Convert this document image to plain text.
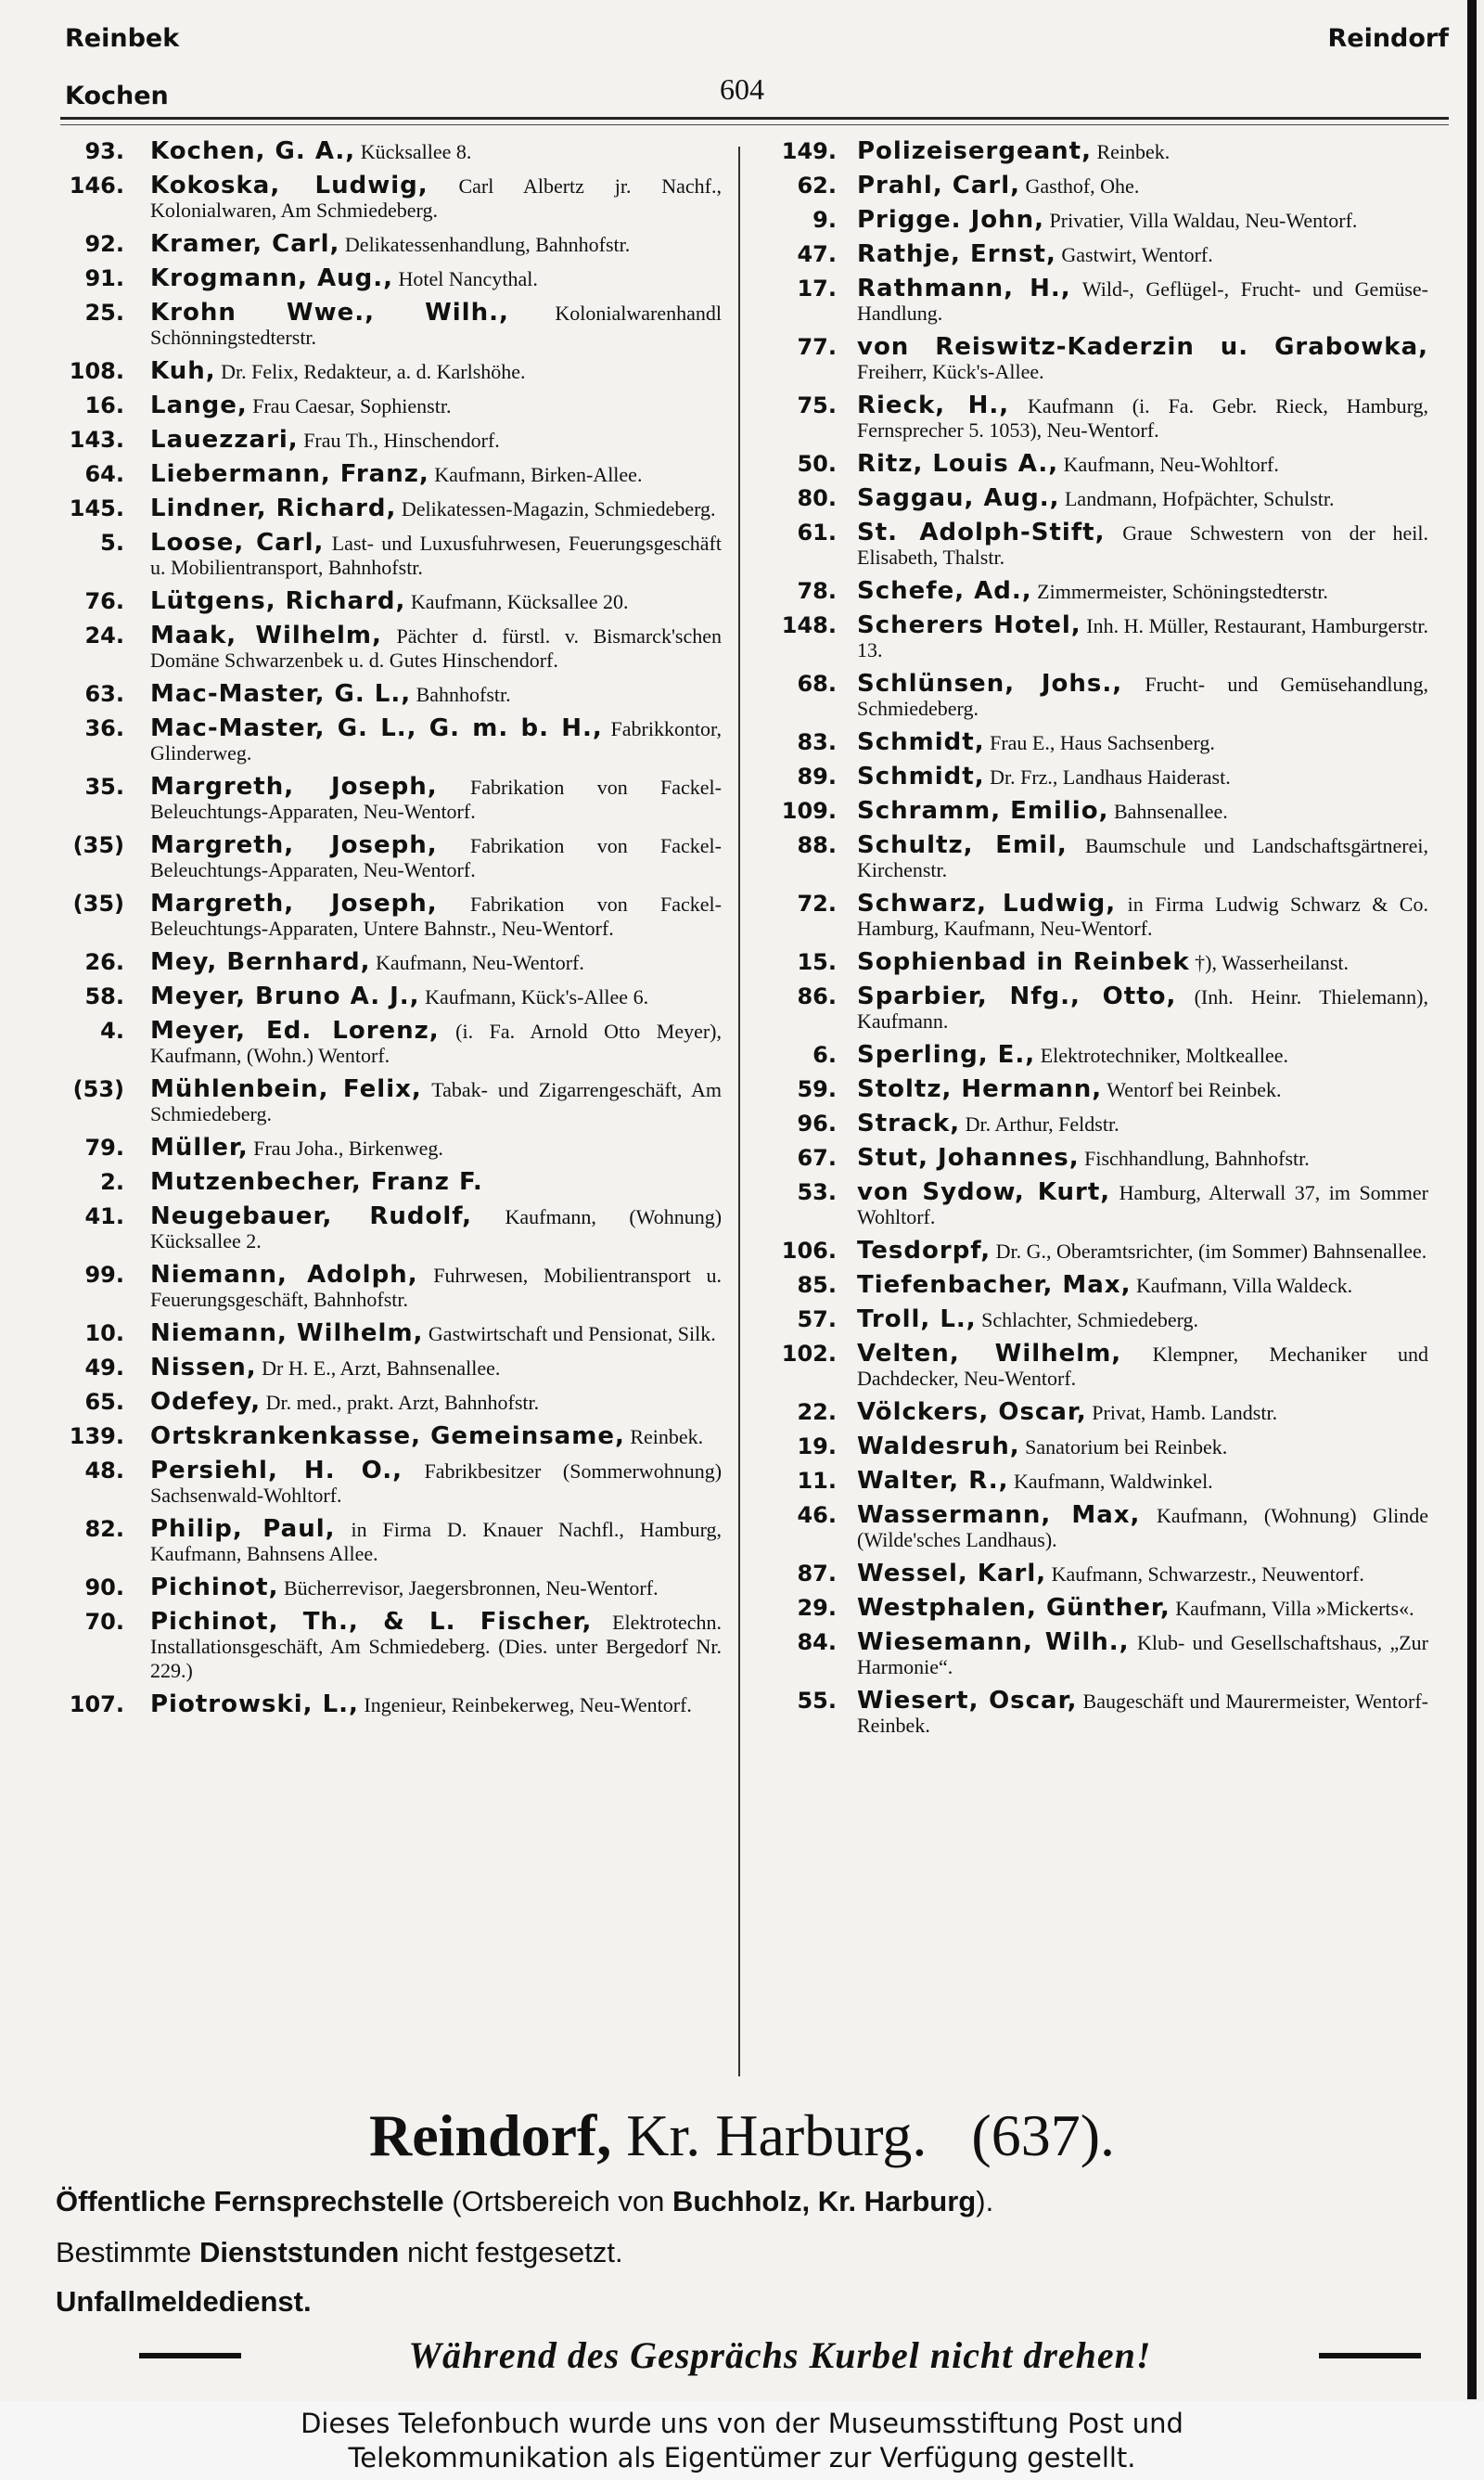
Reinbek
Kochen
Reindorf
604
93. Kochen, G. A., Kücksallee 8.
146. Kokoska, Ludwig, Carl Albertz jr. Nachf., Kolonialwaren, Am Schmiedeberg.
92. Kramer, Carl, Delikatessenhandlung, Bahnhofstr.
91. Krogmann, Aug., Hotel Nancythal.
25. Krohn Wwe., Wilh., Kolonialwarenhandl Schönningstedterstr.
108. Kuh, Dr. Felix, Redakteur, a. d. Karlshöhe.
16. Lange, Frau Caesar, Sophienstr.
143. Lauezzari, Frau Th., Hinschendorf.
64. Liebermann, Franz, Kaufmann, Birken-Allee.
145. Lindner, Richard, Delikatessen-Magazin, Schmiedeberg.
5. Loose, Carl, Last- und Luxusfuhrwesen, Feuerungsgeschäft u. Mobilientransport, Bahnhofstr.
76. Lütgens, Richard, Kaufmann, Kücksallee 20.
24. Maak, Wilhelm, Pächter d. fürstl. v. Bismarck'schen Domäne Schwarzenbek u. d. Gutes Hinschendorf.
63. Mac-Master, G. L., Bahnhofstr.
36. Mac-Master, G. L., G. m. b. H., Fabrikkontor, Glinderweg.
35. Margreth, Joseph, Fabrikation von Fackel-Beleuchtungs-Apparaten, Neu-Wentorf.
(35) Margreth, Joseph, Fabrikation von Fackel-Beleuchtungs-Apparaten, Neu-Wentorf.
(35) Margreth, Joseph, Fabrikation von Fackel-Beleuchtungs-Apparaten, Untere Bahnstr., Neu-Wentorf.
26. Mey, Bernhard, Kaufmann, Neu-Wentorf.
58. Meyer, Bruno A. J., Kaufmann, Kück's-Allee 6.
4. Meyer, Ed. Lorenz, (i. Fa. Arnold Otto Meyer), Kaufmann, (Wohn.) Wentorf.
(53) Mühlenbein, Felix, Tabak- und Zigarrengeschäft, Am Schmiedeberg.
79. Müller, Frau Joha., Birkenweg.
2. Mutzenbecher, Franz F.
41. Neugebauer, Rudolf, Kaufmann, (Wohnung) Kücksallee 2.
99. Niemann, Adolph, Fuhrwesen, Mobilientransport u. Feuerungsgeschäft, Bahnhofstr.
10. Niemann, Wilhelm, Gastwirtschaft und Pensionat, Silk.
49. Nissen, Dr H. E., Arzt, Bahnsenallee.
65. Odefey, Dr. med., prakt. Arzt, Bahnhofstr.
139. Ortskrankenkasse, Gemeinsame, Reinbek.
48. Persiehl, H. O., Fabrikbesitzer (Sommerwohnung) Sachsenwald-Wohltorf.
82. Philip, Paul, in Firma D. Knauer Nachfl., Hamburg, Kaufmann, Bahnsens Allee.
90. Pichinot, Bücherrevisor, Jaegersbronnen, Neu-Wentorf.
70. Pichinot, Th., & L. Fischer, Elektrotechn. Installationsgeschäft, Am Schmiedeberg. (Dies. unter Bergedorf Nr. 229.)
107. Piotrowski, L., Ingenieur, Reinbekerweg, Neu-Wentorf.
149. Polizeisergeant, Reinbek.
62. Prahl, Carl, Gasthof, Ohe.
9. Prigge. John, Privatier, Villa Waldau, Neu-Wentorf.
47. Rathje, Ernst, Gastwirt, Wentorf.
17. Rathmann, H., Wild-, Geflügel-, Frucht- und Gemüse-Handlung.
77. von Reiswitz-Kaderzin u. Grabowka, Freiherr, Kück's-Allee.
75. Rieck, H., Kaufmann (i. Fa. Gebr. Rieck, Hamburg, Fernsprecher 5. 1053), Neu-Wentorf.
50. Ritz, Louis A., Kaufmann, Neu-Wohltorf.
80. Saggau, Aug., Landmann, Hofpächter, Schulstr.
61. St. Adolph-Stift, Graue Schwestern von der heil. Elisabeth, Thalstr.
78. Schefe, Ad., Zimmermeister, Schöningstedterstr.
148. Scherers Hotel, Inh. H. Müller, Restaurant, Hamburgerstr. 13.
68. Schlünsen, Johs., Frucht- und Gemüsehandlung, Schmiedeberg.
83. Schmidt, Frau E., Haus Sachsenberg.
89. Schmidt, Dr. Frz., Landhaus Haiderast.
109. Schramm, Emilio, Bahnsenallee.
88. Schultz, Emil, Baumschule und Landschaftsgärtnerei, Kirchenstr.
72. Schwarz, Ludwig, in Firma Ludwig Schwarz & Co. Hamburg, Kaufmann, Neu-Wentorf.
15. Sophienbad in Reinbek †), Wasserheilanst.
86. Sparbier, Nfg., Otto, (Inh. Heinr. Thielemann), Kaufmann.
6. Sperling, E., Elektrotechniker, Moltkeallee.
59. Stoltz, Hermann, Wentorf bei Reinbek.
96. Strack, Dr. Arthur, Feldstr.
67. Stut, Johannes, Fischhandlung, Bahnhofstr.
53. von Sydow, Kurt, Hamburg, Alterwall 37, im Sommer Wohltorf.
106. Tesdorpf, Dr. G., Oberamtsrichter, (im Sommer) Bahnsenallee.
85. Tiefenbacher, Max, Kaufmann, Villa Waldeck.
57. Troll, L., Schlachter, Schmiedeberg.
102. Velten, Wilhelm, Klempner, Mechaniker und Dachdecker, Neu-Wentorf.
22. Völckers, Oscar, Privat, Hamb. Landstr.
19. Waldesruh, Sanatorium bei Reinbek.
11. Walter, R., Kaufmann, Waldwinkel.
46. Wassermann, Max, Kaufmann, (Wohnung) Glinde (Wilde'sches Landhaus).
87. Wessel, Karl, Kaufmann, Schwarzestr., Neuwentorf.
29. Westphalen, Günther, Kaufmann, Villa »Mickerts«.
84. Wiesemann, Wilh., Klub- und Gesellschaftshaus, „Zur Harmonie“.
55. Wiesert, Oscar, Baugeschäft und Maurermeister, Wentorf-Reinbek.
Reindorf, Kr. Harburg.   (637).
Öffentliche Fernsprechstelle (Ortsbereich von Buchholz, Kr. Harburg).
Bestimmte Dienststunden nicht festgesetzt.
Unfallmeldedienst.
Während des Gesprächs Kurbel nicht drehen!
Dieses Telefonbuch wurde uns von der Museumsstiftung Post und
Telekommunikation als Eigentümer zur Verfügung gestellt.
